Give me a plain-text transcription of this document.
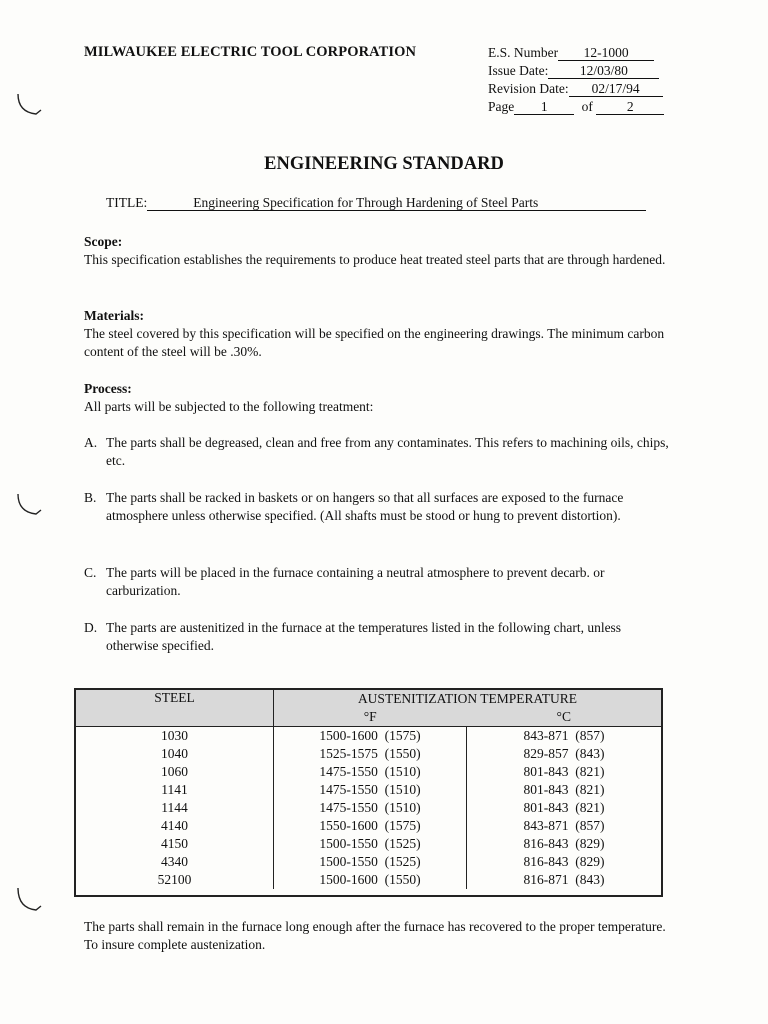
MILWAUKEE ELECTRIC TOOL CORPORATION	E.S. Number 12-1000
Issue Date: 12/03/80
Revision Date: 02/17/94
Page 1	of	2
ENGINEERING STANDARD
TITLE:	Engineering Specification for Through Hardening of Steel Parts
Scope:

This specification establishes the requirements to produce heat treated steel parts that are through hardened.

Materials:

The steel covered by this specification will be specified on the engineering drawings. The minimum carbon content of the steel will be .30%.

Process:

All parts will be subjected to the following treatment:

A. The parts shall be degreased, clean and free from any contaminates. This refers to machining oils, chips, etc.
B. The parts shall be racked in baskets or on hangers so that all surfaces are exposed to the furnace atmosphere unless otherwise specified. (All shafts must be stood or hung to prevent distortion).
C. The parts will be placed in the furnace containing a neutral atmosphere to prevent decarb. or carburization.
D. The parts are austenitized in the furnace at the temperatures listed in the following chart, unless otherwise specified.
STEEL	AUSTENITIZATION TEMPERATURE	
	°F	°C
1030	1500-1600  (1575)	843-871  (857)
1040	1525-1575  (1550)	829-857  (843)
1060	1475-1550  (1510)	801-843  (821)
1141	1475-1550  (1510)	801-843  (821)
1144	1475-1550  (1510)	801-843  (821)
4140	1550-1600  (1575)	843-871  (857)
4150	1500-1550  (1525)	816-843  (829)
4340	1500-1550  (1525)	816-843  (829)
52100	1500-1600  (1550)	816-871  (843)
The parts shall remain in the furnace long enough after the furnace has recovered to the proper temperature. To insure complete austenization.
